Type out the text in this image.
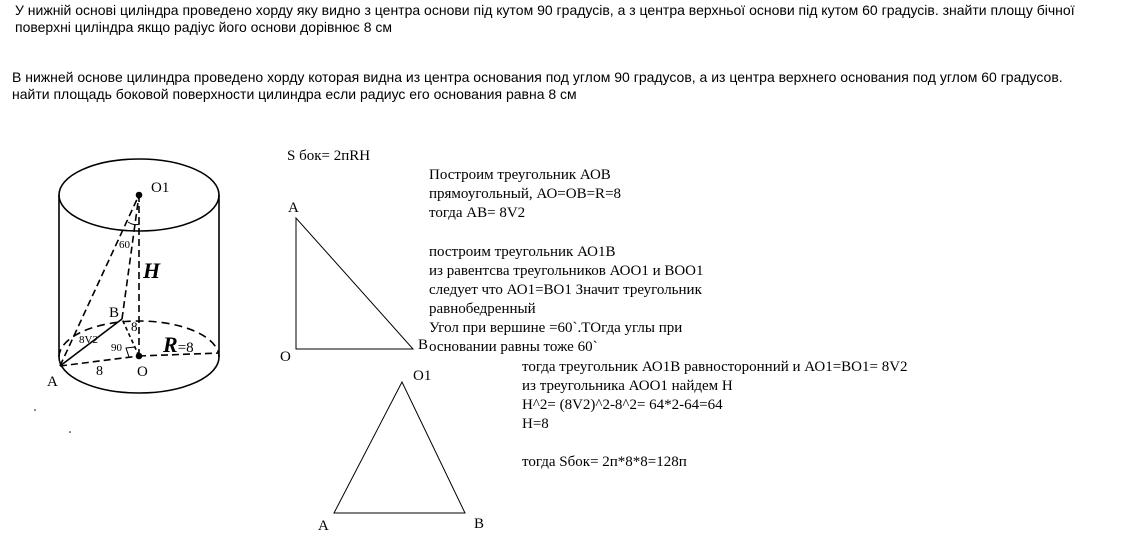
У нижній основі циліндра проведено хорду яку видно з центра основи під кутом 90 градусів, а з центра верхньої основи під кутом 60 градусів. знайти площу бічної
поверхні циліндра якщо радіус його основи дорівнює 8 см
В нижней основе цилиндра проведено хорду которая видна из центра основания под углом 90 градусов, а из центра верхнего основания под углом 60 градусов.
найти площадь боковой поверхности цилиндра если радиус его основания равна 8 см
S бок= 2пRH
Построим треугольник АОВ
прямоугольный, АО=ОВ=R=8
тогда АВ= 8V2
построим треугольник АО1В
из равентсва треугольников АОО1 и ВОО1
следует что АО1=ВО1 Значит треугольник
равнобедренный
Угол при вершине =60`.ТОгда углы при
основании равны тоже 60`
тогда треугольник АО1В равносторонний и АО1=ВО1= 8V2
из треугольника АОО1 найдем Н
H^2= (8V2)^2-8^2= 64*2-64=64
H=8
тогда Sбок= 2п*8*8=128п
O1
60
H
B
8
8V2
90 R=8
A
8 O
A
O
B
O1
A	B
